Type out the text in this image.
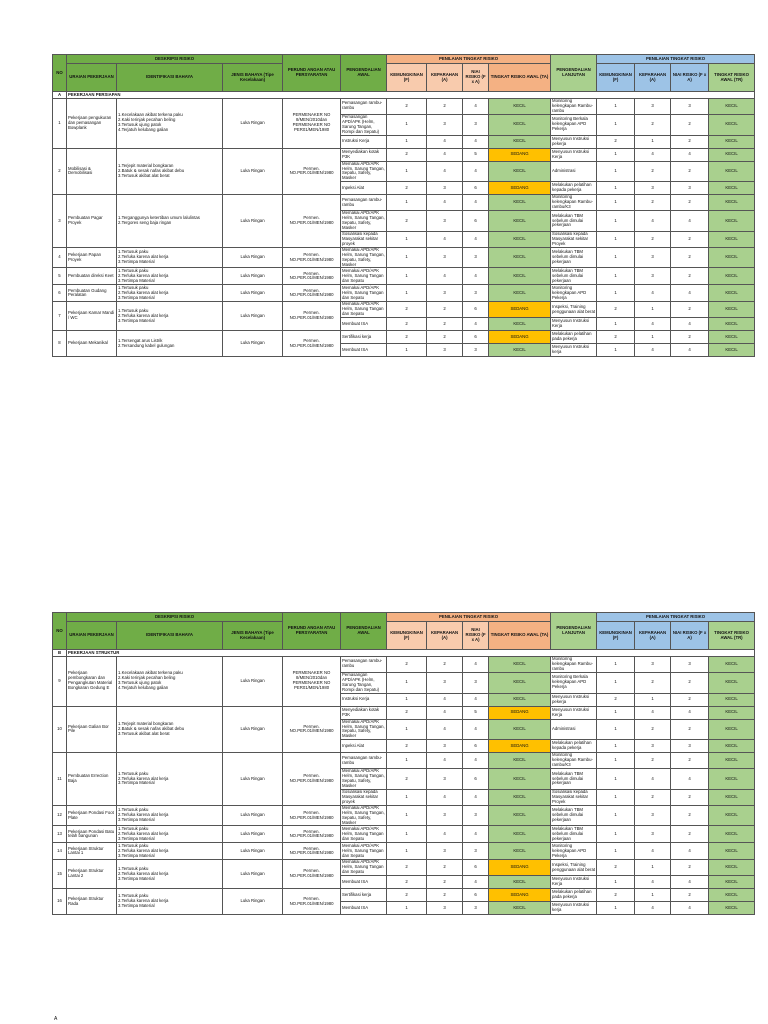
NO	DESKRIPSI RISIKO			PERUND ANGAN ATAU PERSYARATAN	PENGENDALIAN AWAL	PENILAIAN TINGKAT RISIKO				PENGENDALIAN LANJUTAN	PENILAIAN TINGKAT RISIKO	
	URAIAN PEKERJAAN	IDENTIFIKASI BAHAYA	JENIS BAHAYA (Tipe Kecelakaan)			KEMUNGKINAN (F)	KEPARAHAN (A)	NIAI RISIKO (F x A)	TINGKAT RISIKO AWAL (TA)		KEMUNGKINAN (F)	KEPARAHAN (A)	NIAI RISIKO (F x A)	TINGKAT RISIKO AWAL (TR)	
A	PEKERJAAN PERSIAPAN														
1	Pekerjaan pengukuran dan pemasangan Bowplank	1.Kecelakaan akibat terkena paku
2.Kaki terinjak pecahan beling
3.Tertusuk ujung patok
4.Terjatuh kelubang galian	Luka Ringan	PERMENAKER NO 8/MEN/2010dan PERMENAKER NO PER01/MEN/1980	Pemasangan rambu-rambu	2	2	4	KECIL	Monitoring kelengkapan Rambu-rambu	1	3	3	KECIL	
					Pemasangan APD/APK (Helm, Sarung Tangan, Rompi dan Sepatu)	1	3	3	KECIL	Monitoring Berkala kelengkapan APD Pekerja	1	2	2	KECIL	
					Instruksi Kerja	1	4	4	KECIL	Menyusun Instruksi pekerja	2	1	2	KECIL	
2	Mobilisasi & Demobilisasi	1.Terjepit material bongkaran
2.Batuk & sesak nafas akibat debu
3.Tertusuk akibat alat berat	Luka Ringan	Permen. NO.PER.01/MEN/1980	Menyediakan kotak P3K	2	4	5	SEDANG	Menyusun Instruksi Kerja	1	4	4	KECIL	
					Memakai APD/APK Helm, Sarung Tangan, Sepatu, Safety, Masker	1	4	4	KECIL	Administrasi	1	2	2	KECIL	
					Inpeksi Alat	2	3	6	SEDANG	Melakukan pelatihan kepada pekerja	1	3	3	KECIL	
3	Pembuatan Pagar Proyek	1.Terganggunya ketertiban umum lalulintas
2.Tergores seng baja ringan	Luka Ringan	Permen. NO.PER.01/MEN/1980	Pemasangan rambu-rambu	1	4	4	KECIL	Monitoring kelengkapan Rambu-rambu/K3	1	2	2	KECIL	
					Memakai APD/APK Helm, Sarung Tangan, Sepatu, Safety, Masker	2	3	6	KECIL	Melakukan TBM sebelum dimulai pekerjaan	1	4	4	KECIL	
					Sosialisasi kepada Masyarakat sekitar proyek	1	4	4	KECIL	Sosialisasi kepada Masyarakat sekitar Proyek	1	2	2	KECIL	
4	Pekerjaan Papan Proyek	1.Tertusuk paku
2.Terluka karena alat kerja
3.Tertimpa Material	Luka Ringan	Permen. NO.PER.01/MEN/1980	Memakai APD/APK Helm, Sarung Tangan, Sepatu, Safety, Masker	1	3	3	KECIL	Melakukan TBM sebelum dimulai pekerjaan	1	3	2	KECIL	
5	Pembuatan direksi Keet	1.Tertusuk paku
2.Terluka karena alat kerja
3.Tertimpa Material	Luka Ringan	Permen. NO.PER.01/MEN/1980	Memakai APD/APK Helm, Sarung Tangan dan Sepatu	1	4	4	KECIL	Melakukan TBM sebelum dimulai pekerjaan	1	3	2	KECIL	
6	Pembuatan Gudang Peralatan	1.Tertusuk paku
2.Terluka karena alat kerja
3.Tertimpa Material	Luka Ringan	Permen. NO.PER.01/MEN/1980	Memakai APD/APK Helm, Sarung Tangan dan Sepatu	1	3	3	KECIL	Monitoring kelengkapan APD Pekerja	1	4	4	KECIL	
7	Pekerjaan Kamar Mandi / WC	1.Tertusuk paku
2.Terluka karena alat kerja
3.Tertimpa Material	Luka Ringan	Permen. NO.PER.01/MEN/1980	Memakai APD/APK Helm, Sarung Tangan dan Sepatu	2	2	6	SEDANG	Inspeksi, Training penggunaan alat berat	2	1	2	KECIL	
					Membuat ISA	2	2	4	KECIL	Menyusun Instruksi Kerja	1	4	4	KECIL	
8	Pekerjaan Mekanikal	1.Tersengat arus Listrik
2.Tersandung kabel gulungan	Luka Ringan	Permen. NO.PER.01/MEN/1980	Sertifikasi kerja	2	2	6	SEDANG	Melakukan pelatihan pada pekerja	2	1	2	KECIL	
					Membuat ISA	1	3	3	KECIL	Menyusun Instruksi kerja	1	4	4	KECIL	
NO	DESKRIPSI RISIKO			PERUND ANGAN ATAU PERSYARATAN	PENGENDALIAN AWAL	PENILAIAN TINGKAT RISIKO				PENGENDALIAN LANJUTAN	PENILAIAN TINGKAT RISIKO	
	URAIAN PEKERJAAN	IDENTIFIKASI BAHAYA	JENIS BAHAYA (Tipe Kecelakaan)			KEMUNGKINAN (F)	KEPARAHAN (A)	NIAI RISIKO (F x A)	TINGKAT RISIKO AWAL (TA)		KEMUNGKINAN (F)	KEPARAHAN (A)	NIAI RISIKO (F x A)	TINGKAT RISIKO AWAL (TR)	
B	PEKERJAAN STRUKTUR														
9	Pekerjaan pembongkaran dan Pengangkutan Material Bongkaran Gedung E	1.Kecelakaan akibat terkena paku
2.Kaki terinjak pecahan beling
3.Tertusuk ujung patok
4.Terjatuh kelubang galian	Luka Ringan	PERMENAKER NO 8/MEN/2010dan PERMENAKER NO PER01/MEN/1980	Pemasangan rambu-rambu	2	2	4	KECIL	Monitoring kelengkapan Rambu-rambu	1	3	3	KECIL	
					Pemasangan APD/APK (Helm, Sarung Tangan, Rompi dan Sepatu)	1	3	3	KECIL	Monitoring Berkala kelengkapan APD Pekerja	1	2	2	KECIL	
					Instruksi Kerja	1	4	4	KECIL	Menyusun Instruksi pekerja	2	1	2	KECIL	
10	Pekerjaan Galian Bor Pile	1.Terjepit material bongkaran
2.Batuk & sesak nafas akibat debu
3.Tertusuk akibat alat berat	Luka Ringan	Permen. NO.PER.01/MEN/1980	Menyediakan kotak P3K	2	4	5	SEDANG	Menyusun Instruksi Kerja	1	4	4	KECIL	
					Memakai APD/APK Helm, Sarung Tangan, Sepatu, Safety, Masker	1	4	4	KECIL	Administrasi	1	2	2	KECIL	
					Inpeksi Alat	2	3	6	SEDANG	Melakukan pelatihan kepada pekerja	1	3	3	KECIL	
11	Pembuatan Errection Baja	1.Tertusuk paku
2.Terluka karena alat kerja
3.Tertimpa Material	Luka Ringan	Permen. NO.PER.01/MEN/1980	Pemasangan rambu-rambu	1	4	4	KECIL	Monitoring kelengkapan Rambu-rambu/K3	1	2	2	KECIL	
					Memakai APD/APK Helm, Sarung Tangan, Sepatu, Safety, Masker	2	3	6	KECIL	Melakukan TBM sebelum dimulai pekerjaan	1	4	4	KECIL	
					Sosialisasi kepada Masyarakat sekitar proyek	1	4	4	KECIL	Sosialisasi kepada Masyarakat sekitar Proyek	1	2	2	KECIL	
12	Pekerjaan Pondasi Foot Plate	1.Tertusuk paku
2.Terluka karena alat kerja
3.Tertimpa Material	Luka Ringan	Permen. NO.PER.01/MEN/1980	Memakai APD/APK Helm, Sarung Tangan, Sepatu, Safety, Masker	1	3	3	KECIL	Melakukan TBM sebelum dimulai pekerjaan	1	3	2	KECIL	
13	Pekerjaan Pondasi Batu telah bangunan	1.Tertusuk paku
2.Terluka karena alat kerja
3.Tertimpa Material	Luka Ringan	Permen. NO.PER.01/MEN/1980	Memakai APD/APK Helm, Sarung Tangan dan Sepatu	1	4	4	KECIL	Melakukan TBM sebelum dimulai pekerjaan	1	3	2	KECIL	
14	Pekerjaan Struktur Lantai 1	1.Tertusuk paku
2.Terluka karena alat kerja
3.Tertimpa Material	Luka Ringan	Permen. NO.PER.01/MEN/1980	Memakai APD/APK Helm, Sarung Tangan dan Sepatu	1	3	3	KECIL	Monitoring kelengkapan APD Pekerja	1	4	4	KECIL	
15	Pekerjaan Struktur Lantai 2	1.Tertusuk paku
2.Terluka karena alat kerja
3.Tertimpa Material	Luka Ringan	Permen. NO.PER.01/MEN/1980	Memakai APD/APK Helm, Sarung Tangan dan Sepatu	2	2	6	SEDANG	Inspeksi, Training penggunaan alat berat	2	1	2	KECIL	
					Membuat ISA	2	2	4	KECIL	Menyusun Instruksi Kerja	1	4	4	KECIL	
16	Pekerjaan Struktur Rada	1.Tertusuk paku
2.Terluka karena alat kerja
3.Tertimpa Material	Luka Ringan	Permen. NO.PER.01/MEN/1980	Sertifikasi kerja	2	2	6	SEDANG	Melakukan pelatihan pada pekerja	2	1	2	KECIL	
					Membuat ISA	1	3	3	KECIL	Menyusun Instruksi kerja	1	4	4	KECIL	
A
